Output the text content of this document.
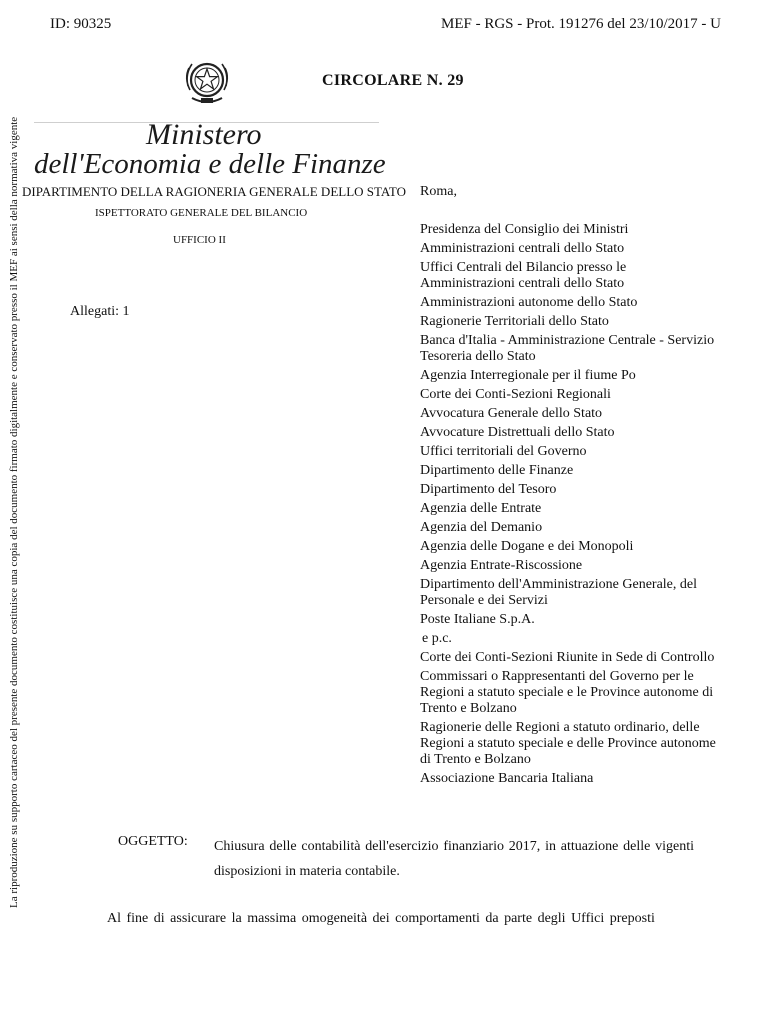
ID: 90325	MEF - RGS - Prot. 191276 del 23/10/2017 - U
CIRCOLARE N. 29
Ministero
dell'Economia e delle Finanze
DIPARTIMENTO DELLA RAGIONERIA GENERALE DELLO STATO
ISPETTORATO GENERALE DEL BILANCIO
UFFICIO II
Allegati: 1
Roma,
Presidenza del Consiglio dei Ministri
Amministrazioni centrali dello Stato
Uffici Centrali del Bilancio presso le
Amministrazioni centrali dello Stato
Amministrazioni autonome dello Stato
Ragionerie Territoriali dello Stato
Banca d'Italia - Amministrazione Centrale - Servizio
Tesoreria dello Stato
Agenzia Interregionale per il fiume Po
Corte dei Conti-Sezioni Regionali
Avvocatura Generale dello Stato
Avvocature Distrettuali dello Stato
Uffici territoriali del Governo
Dipartimento delle Finanze
Dipartimento del Tesoro
Agenzia delle Entrate
Agenzia del Demanio
Agenzia delle Dogane e dei Monopoli
Agenzia Entrate-Riscossione
Dipartimento dell'Amministrazione Generale, del
Personale e dei Servizi
Poste Italiane S.p.A.
e p.c.
Corte dei Conti-Sezioni Riunite in Sede di Controllo
Commissari o Rappresentanti del Governo per le
Regioni a statuto speciale e le Province autonome di
Trento e Bolzano
Ragionerie delle Regioni a statuto ordinario, delle
Regioni a statuto speciale e delle Province autonome
di Trento e Bolzano
Associazione Bancaria Italiana
OGGETTO: Chiusura delle contabilità dell'esercizio finanziario 2017, in attuazione delle vigenti disposizioni in materia contabile.
Al fine di assicurare la massima omogeneità dei comportamenti da parte degli Uffici preposti
La riproduzione su supporto cartaceo del presente documento costituisce una copia del documento firmato digitalmente e conservato presso il MEF ai sensi della normativa vigente
